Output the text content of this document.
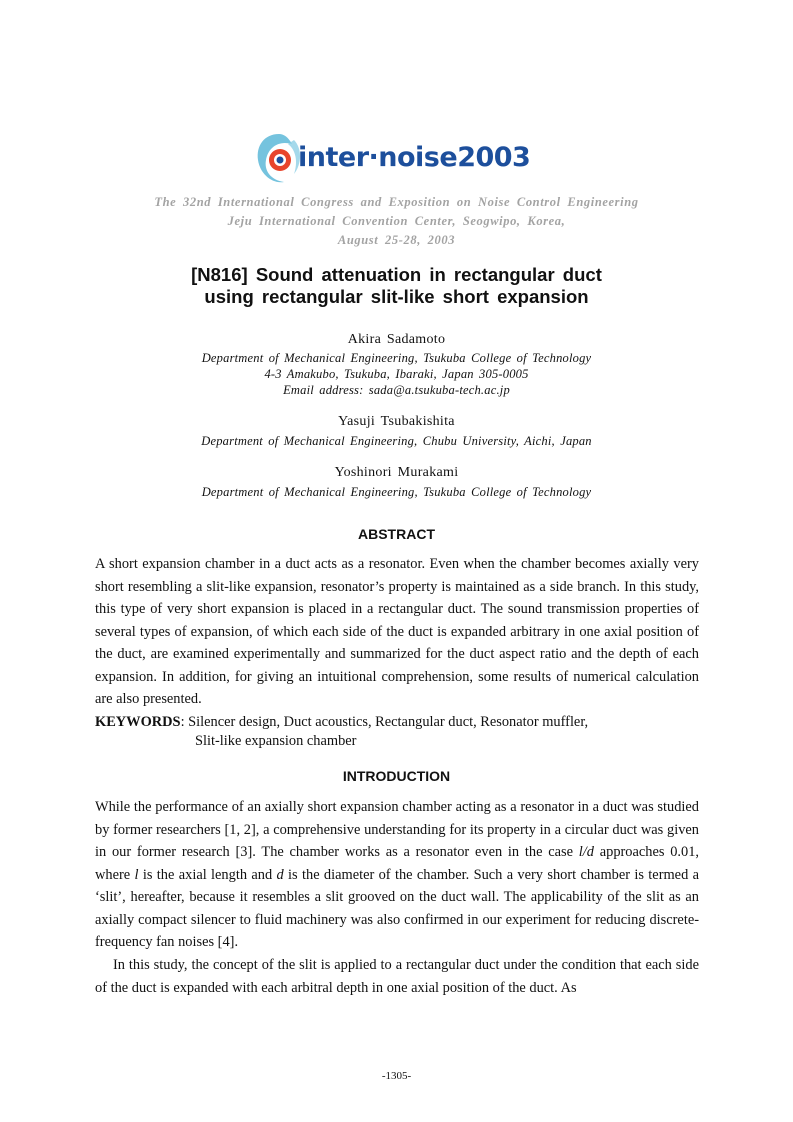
inter·noise2003
The 32nd International Congress and Exposition on Noise Control Engineering
Jeju International Convention Center, Seogwipo, Korea,
August 25-28, 2003
[N816] Sound attenuation in rectangular duct
using rectangular slit-like short expansion
Akira Sadamoto
Department of Mechanical Engineering, Tsukuba College of Technology
4-3 Amakubo, Tsukuba, Ibaraki, Japan 305-0005
Email address: sada@a.tsukuba-tech.ac.jp
Yasuji Tsubakishita
Department of Mechanical Engineering, Chubu University, Aichi, Japan
Yoshinori Murakami
Department of Mechanical Engineering, Tsukuba College of Technology
ABSTRACT

A short expansion chamber in a duct acts as a resonator. Even when the chamber becomes axially very short resembling a slit-like expansion, resonator’s property is maintained as a side branch. In this study, this type of very short expansion is placed in a rectangular duct. The sound transmission properties of several types of expansion, of which each side of the duct is expanded arbitrary in one axial position of the duct, are examined experimentally and summarized for the duct aspect ratio and the depth of each expansion. In addition, for giving an intuitional comprehension, some results of numerical calculation are also presented.

KEYWORDS: Silencer design, Duct acoustics, Rectangular duct, Resonator muffler,
Slit-like expansion chamber
INTRODUCTION

While the performance of an axially short expansion chamber acting as a resonator in a duct was studied by former researchers [1, 2], a comprehensive understanding for its property in a circular duct was given in our former research [3]. The chamber works as a resonator even in the case l/d approaches 0.01, where l is the axial length and d is the diameter of the chamber. Such a very short chamber is termed a ‘slit’, hereafter, because it resembles a slit grooved on the duct wall. The applicability of the slit as an axially compact silencer to fluid machinery was also confirmed in our experiment for reducing discrete-frequency fan noises [4].

In this study, the concept of the slit is applied to a rectangular duct under the condition that each side of the duct is expanded with each arbitral depth in one axial position of the duct. As

-1305-
